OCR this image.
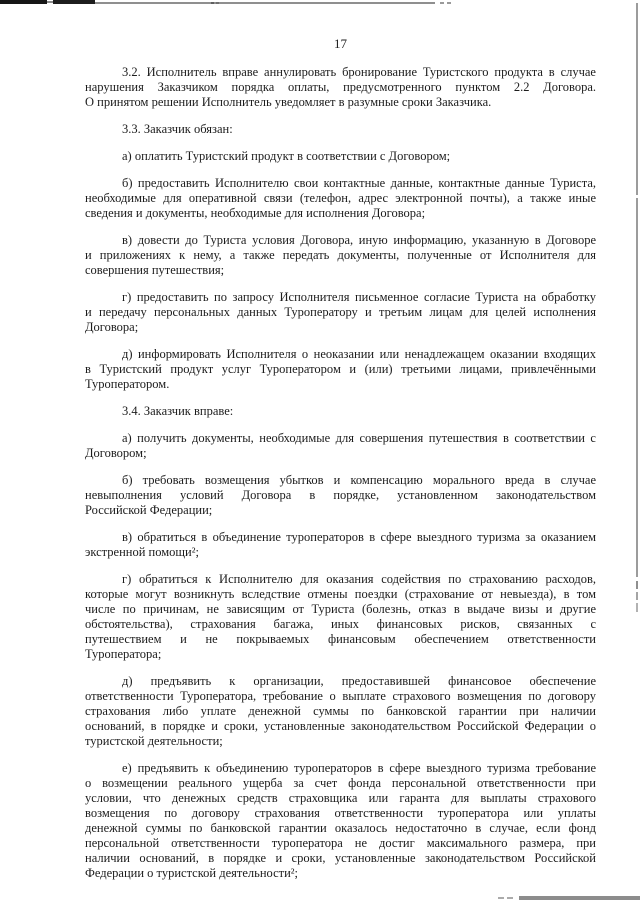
17
3.2. Исполнитель вправе аннулировать бронирование Туристского продукта в случае
нарушения Заказчиком порядка оплаты, предусмотренного пунктом 2.2 Договора.
О принятом решении Исполнитель уведомляет в разумные сроки Заказчика.
3.3. Заказчик обязан:
а) оплатить Туристский продукт в соответствии с Договором;
б) предоставить Исполнителю свои контактные данные, контактные данные Туриста,
необходимые для оперативной связи (телефон, адрес электронной почты), а также иные
сведения и документы, необходимые для исполнения Договора;
в) довести до Туриста условия Договора, иную информацию, указанную в Договоре
и приложениях к нему, а также передать документы, полученные от Исполнителя для
совершения путешествия;
г) предоставить по запросу Исполнителя письменное согласие Туриста на обработку
и передачу персональных данных Туроператору и третьим лицам для целей исполнения
Договора;
д) информировать Исполнителя о неоказании или ненадлежащем оказании входящих
в Туристский продукт услуг Туроператором и (или) третьими лицами, привлечёнными
Туроператором.
3.4. Заказчик вправе:
а) получить документы, необходимые для совершения путешествия в соответствии с
Договором;
б) требовать возмещения убытков и компенсацию морального вреда в случае
невыполнения условий Договора в порядке, установленном законодательством
Российской Федерации;
в) обратиться в объединение туроператоров в сфере выездного туризма за оказанием
экстренной помощи²;
г) обратиться к Исполнителю для оказания содействия по страхованию расходов,
которые могут возникнуть вследствие отмены поездки (страхование от невыезда), в том
числе по причинам, не зависящим от Туриста (болезнь, отказ в выдаче визы и другие
обстоятельства), страхования багажа, иных финансовых рисков, связанных с
путешествием и не покрываемых финансовым обеспечением ответственности
Туроператора;
д) предъявить к организации, предоставившей финансовое обеспечение
ответственности Туроператора, требование о выплате страхового возмещения по договору
страхования либо уплате денежной суммы по банковской гарантии при наличии
оснований, в порядке и сроки, установленные законодательством Российской Федерации о
туристской деятельности;
е) предъявить к объединению туроператоров в сфере выездного туризма требование
о возмещении реального ущерба за счет фонда персональной ответственности при
условии, что денежных средств страховщика или гаранта для выплаты страхового
возмещения по договору страхования ответственности туроператора или уплаты
денежной суммы по банковской гарантии оказалось недостаточно в случае, если фонд
персональной ответственности туроператора не достиг максимального размера, при
наличии оснований, в порядке и сроки, установленные законодательством Российской
Федерации о туристской деятельности²;
